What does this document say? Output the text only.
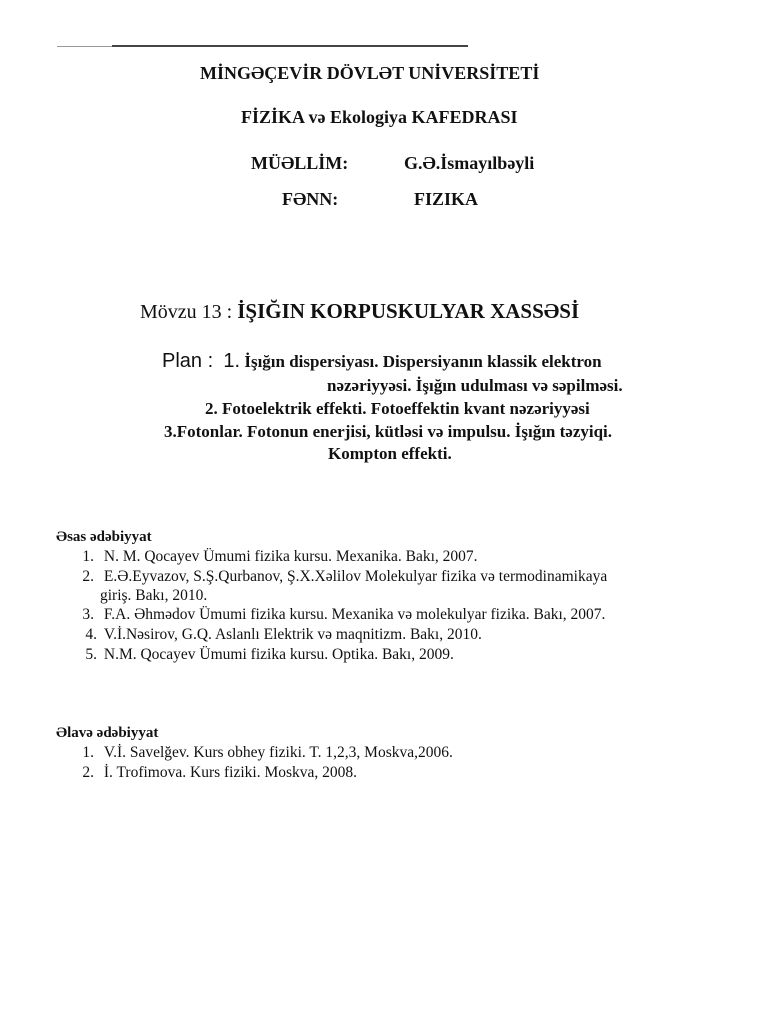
MİNGƏÇEVİR DÖVLƏT UNİVERSİTETİ
FİZİKA və Ekologiya KAFEDRASI
MÜƏLLİM:	G.Ə.İsmayılbəyli
FƏNN:	FIZIKA
Mövzu 13 : İŞIĞIN KORPUSKULYAR XASSƏSİ
Plan : 1. İşığın dispersiyası. Dispersiyanın klassik elektron
nəzəriyyəsi. İşığın udulması və səpilməsi.
2. Fotoelektrik effekti. Fotoeffektin kvant nəzəriyyəsi
3.Fotonlar. Fotonun enerjisi, kütləsi və impulsu. İşığın təzyiqi.
Kompton effekti.
Əsas ədəbiyyat
1. N. M. Qocayev Ümumi fizika kursu. Mexanika. Bakı, 2007.
2. E.Ə.Eyvazov, S.Ş.Qurbanov, Ş.X.Xəlilov Molekulyar fizika və termodinamikaya
giriş. Bakı, 2010.
3. F.A. Əhmədov Ümumi fizika kursu. Mexanika və molekulyar fizika. Bakı, 2007.
4. V.İ.Nəsirov, G.Q. Aslanlı Elektrik və maqnitizm. Bakı, 2010.
5. N.M. Qocayev Ümumi fizika kursu. Optika. Bakı, 2009.
Əlavə ədəbiyyat
1. V.İ. Savelğev. Kurs obhey fiziki. T. 1,2,3, Moskva,2006.
2. İ. Trofimova. Kurs fiziki. Moskva, 2008.
